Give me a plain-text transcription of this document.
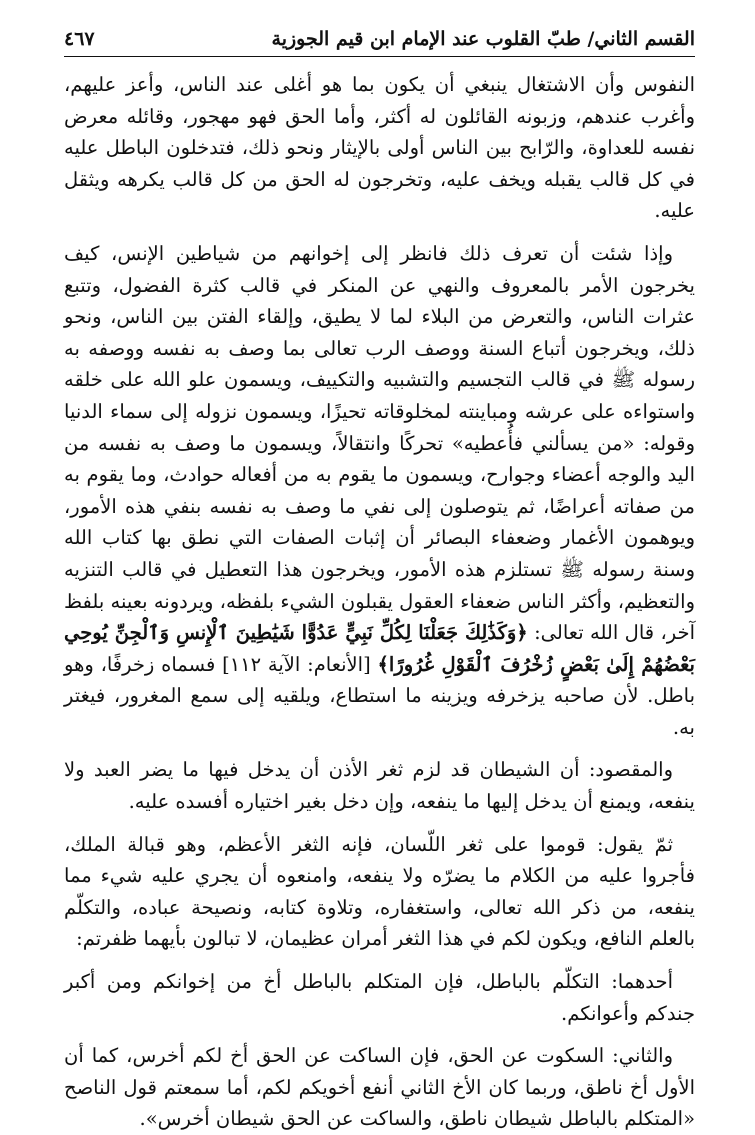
القسم الثاني/ طبّ القلوب عند الإمام ابن قيم الجوزية
٤٦٧

النفوس وأن الاشتغال ينبغي أن يكون بما هو أغلى عند الناس، وأعز عليهم، وأغرب عندهم، وزبونه القائلون له أكثر، وأما الحق فهو مهجور، وقائله معرض نفسه للعداوة، والرّابح بين الناس أولى بالإيثار ونحو ذلك، فتدخلون الباطل عليه في كل قالب يقبله ويخف عليه، وتخرجون له الحق من كل قالب يكرهه ويثقل عليه.

وإذا شئت أن تعرف ذلك فانظر إلى إخوانهم من شياطين الإنس، كيف يخرجون الأمر بالمعروف والنهي عن المنكر في قالب كثرة الفضول، وتتبع عثرات الناس، والتعرض من البلاء لما لا يطيق، وإلقاء الفتن بين الناس، ونحو ذلك، ويخرجون أتباع السنة ووصف الرب تعالى بما وصف به نفسه ووصفه به رسوله ﷺ في قالب التجسيم والتشبيه والتكييف، ويسمون علو الله على خلقه واستواءه على عرشه ومباينته لمخلوقاته تحيزًا، ويسمون نزوله إلى سماء الدنيا وقوله: «من يسألني فأُعطيه» تحركًا وانتقالاً، ويسمون ما وصف به نفسه من اليد والوجه أعضاء وجوارح، ويسمون ما يقوم به من أفعاله حوادث، وما يقوم به من صفاته أعراضًا، ثم يتوصلون إلى نفي ما وصف به نفسه بنفي هذه الأمور، ويوهمون الأغمار وضعفاء البصائر أن إثبات الصفات التي نطق بها كتاب الله وسنة رسوله ﷺ تستلزم هذه الأمور، ويخرجون هذا التعطيل في قالب التنزيه والتعظيم، وأكثر الناس ضعفاء العقول يقبلون الشيء بلفظه، ويردونه بعينه بلفظ آخر، قال الله تعالى: ﴿وَكَذَٰلِكَ جَعَلْنَا لِكُلِّ نَبِيٍّ عَدُوًّا شَيَٰطِينَ ٱلْإِنسِ وَٱلْجِنِّ يُوحِي بَعْضُهُمْ إِلَىٰ بَعْضٍ زُخْرُفَ ٱلْقَوْلِ غُرُورًا﴾ [الأنعام: الآية ١١٢] فسماه زخرفًا، وهو باطل. لأن صاحبه يزخرفه ويزينه ما استطاع، ويلقيه إلى سمع المغرور، فيغتر به.

والمقصود: أن الشيطان قد لزم ثغر الأذن أن يدخل فيها ما يضر العبد ولا ينفعه، ويمنع أن يدخل إليها ما ينفعه، وإن دخل بغير اختياره أفسده عليه.

ثمّ يقول: قوموا على ثغر اللّسان، فإنه الثغر الأعظم، وهو قبالة الملك، فأجروا عليه من الكلام ما يضرّه ولا ينفعه، وامنعوه أن يجري عليه شيء مما ينفعه، من ذكر الله تعالى، واستغفاره، وتلاوة كتابه، ونصيحة عباده، والتكلّم بالعلم النافع، ويكون لكم في هذا الثغر أمران عظيمان، لا تبالون بأيهما ظفرتم:

أحدهما: التكلّم بالباطل، فإن المتكلم بالباطل أخ من إخوانكم ومن أكبر جندكم وأعوانكم.

والثاني: السكوت عن الحق، فإن الساكت عن الحق أخ لكم أخرس، كما أن الأول أخ ناطق، وربما كان الأخ الثاني أنفع أخويكم لكم، أما سمعتم قول الناصح «المتكلم بالباطل شيطان ناطق، والساكت عن الحق شيطان أخرس».
